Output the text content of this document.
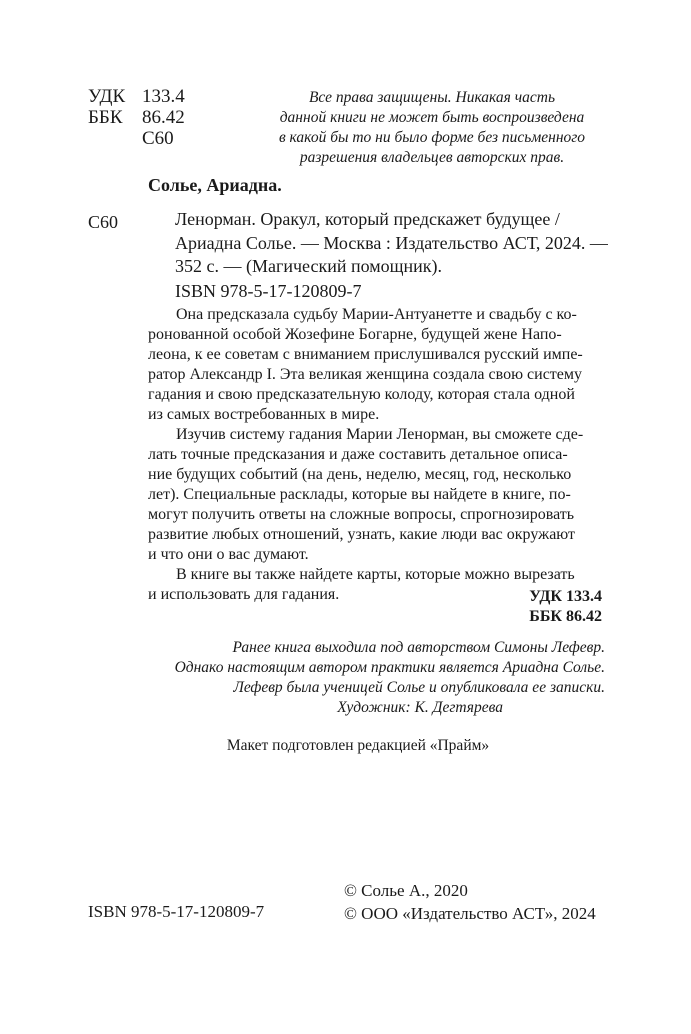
УДК 133.4
ББК	86.42
С60
Все права защищены. Никакая часть
данной книги не может быть воспроизведена
в какой бы то ни было форме без письменного
разрешения владельцев авторских прав.
Солье, Ариадна.
С60	Ленорман. Оракул, который предскажет будущее /
Ариадна Солье. — Москва : Издательство АСТ, 2024. —
352 с. — (Магический помощник).
ISBN 978-5-17-120809-7
Она предсказала судьбу Марии-Антуанетте и свадьбу с ко-
ронованной особой Жозефине Богарне, будущей жене Напо-
леона, к ее советам с вниманием прислушивался русский импе-
ратор Александр I. Эта великая женщина создала свою систему
гадания и свою предсказательную колоду, которая стала одной
из самых востребованных в мире.
Изучив систему гадания Марии Ленорман, вы сможете сде-
лать точные предсказания и даже составить детальное описа-
ние будущих событий (на день, неделю, месяц, год, несколько
лет). Специальные расклады, которые вы найдете в книге, по-
могут получить ответы на сложные вопросы, спрогнозировать
развитие любых отношений, узнать, какие люди вас окружают
и что они о вас думают.
В книге вы также найдете карты, которые можно вырезать
и использовать для гадания.	УДК 133.4
ББК 86.42
Ранее книга выходила под авторством Симоны Лефевр.
Однако настоящим автором практики является Ариадна Солье.
Лефевр была ученицей Солье и опубликовала ее записки.
Художник: К. Дегтярева
Макет подготовлен редакцией «Прайм»
© Солье А., 2020
© ООО «Издательство АСТ», 2024
ISBN 978-5-17-120809-7
